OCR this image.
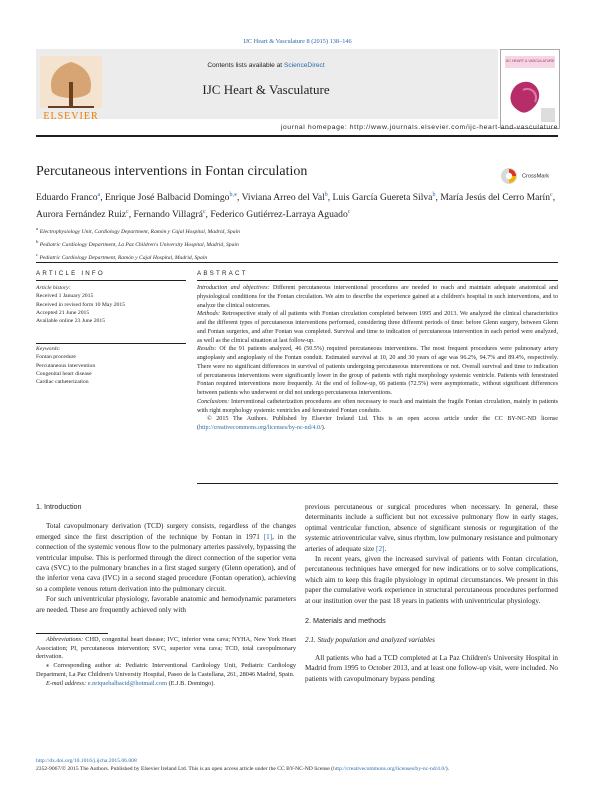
IJC Heart & Vasculature 8 (2015) 138–146
ELSEVIER
Contents lists available at ScienceDirect
IJC Heart & Vasculature
IJC HEART & VASCULATURE
journal homepage: http://www.journals.elsevier.com/ijc-heart-and-vasculature
Percutaneous interventions in Fontan circulation	CrossMark
Eduardo Franco$^a$, Enrique José Balbacid Domingo$^{b,⁎}$, Viviana Arreo del Val$^b$, Luis García Guereta Silva$^b$, María Jesús del Cerro Marín$^c$, Aurora Fernández Ruiz$^c$, Fernando Villagrá$^c$, Federico Gutiérrez-Larraya Aguado$^c$
$^a$ Electrophysiology Unit, Cardiology Department, Ramón y Cajal Hospital, Madrid, Spain
$^b$ Pediatric Cardiology Department, La Paz Children's University Hospital, Madrid, Spain
$^c$ Pediatric Cardiology Department, Ramón y Cajal Hospital, Madrid, Spain
ARTICLE INFO	ABSTRACT
Article history:
Received 1 January 2015
Received in revised form 10 May 2015
Accepted 21 June 2015
Available online 23 June 2015
Keywords:
Fontan procedure
Percutaneous intervention
Congenital heart disease
Cardiac catheterization
Introduction and objectives: Different percutaneous interventional procedures are needed to reach and maintain adequate anatomical and physiological conditions for the Fontan circulation. We aim to describe the experience gained at a children's hospital in such interventions, and to analyze the clinical outcomes.
Methods: Retrospective study of all patients with Fontan circulation completed between 1995 and 2013. We analyzed the clinical characteristics and the different types of percutaneous interventions performed, considering three different periods of time: before Glenn surgery, between Glenn and Fontan surgeries, and after Fontan was completed. Survival and time to indication of percutaneous intervention in each period were analyzed, as well as the clinical situation at last follow-up.
Results: Of the 91 patients analyzed, 46 (50.5%) required percutaneous interventions. The most frequent procedures were pulmonary artery angioplasty and angioplasty of the Fontan conduit. Estimated survival at 10, 20 and 30 years of age was 96.2%, 94.7% and 89.4%, respectively. There were no significant differences in survival of patients undergoing percutaneous interventions or not. Overall survival and time to indication of percutaneous interventions were significantly lower in the group of patients with right morphology systemic ventricle. Patients with fenestrated Fontan required interventions more frequently. At the end of follow-up, 66 patients (72.5%) were asymptomatic, without significant differences between patients who underwent or did not undergo percutaneous interventions.
Conclusions: Interventional catheterization procedures are often necessary to reach and maintain the fragile Fontan circulation, mainly in patients with right morphology systemic ventricles and fenestrated Fontan conduits.
© 2015 The Authors. Published by Elsevier Ireland Ltd. This is an open access article under the CC BY-NC-ND license (http://creativecommons.org/licenses/by-nc-nd/4.0/).
1. Introduction

Total cavopulmonary derivation (TCD) surgery consists, regardless of the changes emerged since the first description of the technique by Fontan in 1971 [1], in the connection of the systemic venous flow to the pulmonary arteries passively, bypassing the ventricular impulse. This is performed through the direct connection of the superior vena cava (SVC) to the pulmonary branches in a first staged surgery (Glenn operation), and of the inferior vena cava (IVC) in a second staged procedure (Fontan operation), achieving so a complete venous return derivation into the pulmonary circuit.

For such univentricular physiology, favorable anatomic and hemodynamic parameters are needed. These are frequently achieved only with

Abbreviations: CHD, congenital heart disease; IVC, inferior vena cava; NYHA, New York Heart Association; PI, percutaneous intervention; SVC, superior vena cava; TCD, total cavopulmonary derivation.

⁎ Corresponding author at: Pediatric Interventional Cardiology Unit, Pediatric Cardiology Department, La Paz Children's University Hospital, Paseo de la Castellana, 261, 28046 Madrid, Spain.

E-mail address: e.nriquebalbacid@hotmail.com (E.J.B. Domingo).

previous percutaneous or surgical procedures when necessary. In general, these determinants include a sufficient but not excessive pulmonary flow in early stages, optimal ventricular function, absence of significant stenosis or regurgitation of the systemic atrioventricular valve, sinus rhythm, low pulmonary resistance and pulmonary arteries of adequate size [2].

In recent years, given the increased survival of patients with Fontan circulation, percutaneous techniques have emerged for new indications or to solve complications, which aim to keep this fragile physiology in optimal circumstances. We present in this paper the cumulative work experience in structural percutaneous procedures performed at our institution over the past 18 years in patients with univentricular physiology.

2. Materials and methods
2.1. Study population and analyzed variables

All patients who had a TCD completed at La Paz Children's University Hospital in Madrid from 1995 to October 2013, and at least one follow-up visit, were included. No patients with cavopulmonary bypass pending

http://dx.doi.org/10.1016/j.ijcha.2015.06.008
2352-9067/© 2015 The Authors. Published by Elsevier Ireland Ltd. This is an open access article under the CC BY-NC-ND license (http://creativecommons.org/licenses/by-nc-nd/4.0/).
